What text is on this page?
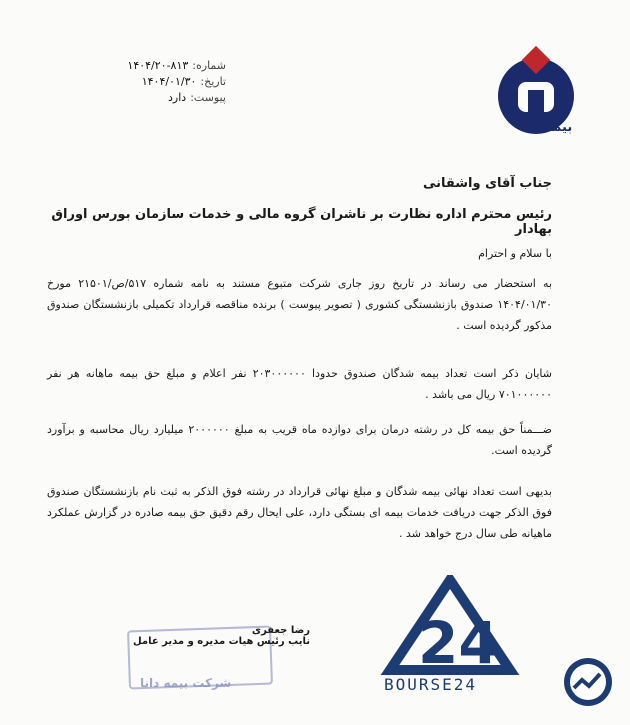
شماره:
۱۴۰۴/۲۰-۸۱۳
تاریخ:
۱۴۰۴/۰۱/۳۰
پیوست:
دارد
بیمه دانا
جناب آقای واشقانی
رئیس محترم اداره نظارت بر ناشران گروه مالی و خدمات سازمان بورس اوراق بهادار
با سلام و احترام
به استحضار می رساند در تاریخ روز جاری شرکت متبوع مستند به نامه شماره ۵۱۷/ص/۲۱۵۰۱ مورخ ۱۴۰۴/۰۱/۳۰ صندوق بازنشستگی کشوری ( تصویر پیوست ) برنده مناقصه قرارداد تکمیلی بازنشستگان صندوق مذکور گردیده است .
شایان ذکر است تعداد بیمه شدگان صندوق حدودا ۲۰۳۰۰۰۰۰۰ نفر اعلام و مبلغ حق بیمه ماهانه هر نفر ۷۰۱۰۰۰۰۰۰ ریال می باشد .
ضـــمناً حق بیمه کل در رشته درمان برای دوازده ماه قریب به مبلغ ۲۰۰۰۰۰۰ میلیارد ریال محاسبه و برآورد گردیده است.
بدیهی است تعداد نهائی بیمه شدگان و مبلغ نهائی قرارداد در رشته فوق الذکر به ثبت نام بازنشستگان صندوق فوق الذکر جهت دریافت خدمات بیمه ای بستگی دارد، علی ایحال رقم دقیق حق بیمه صادره در گزارش عملکرد ماهیانه طی سال درج خواهد شد .
رضا جعفری
نایب رئیس هیات مدیره و مدیر عامل
شرکت بیمه دانا
24
BOURSE24
